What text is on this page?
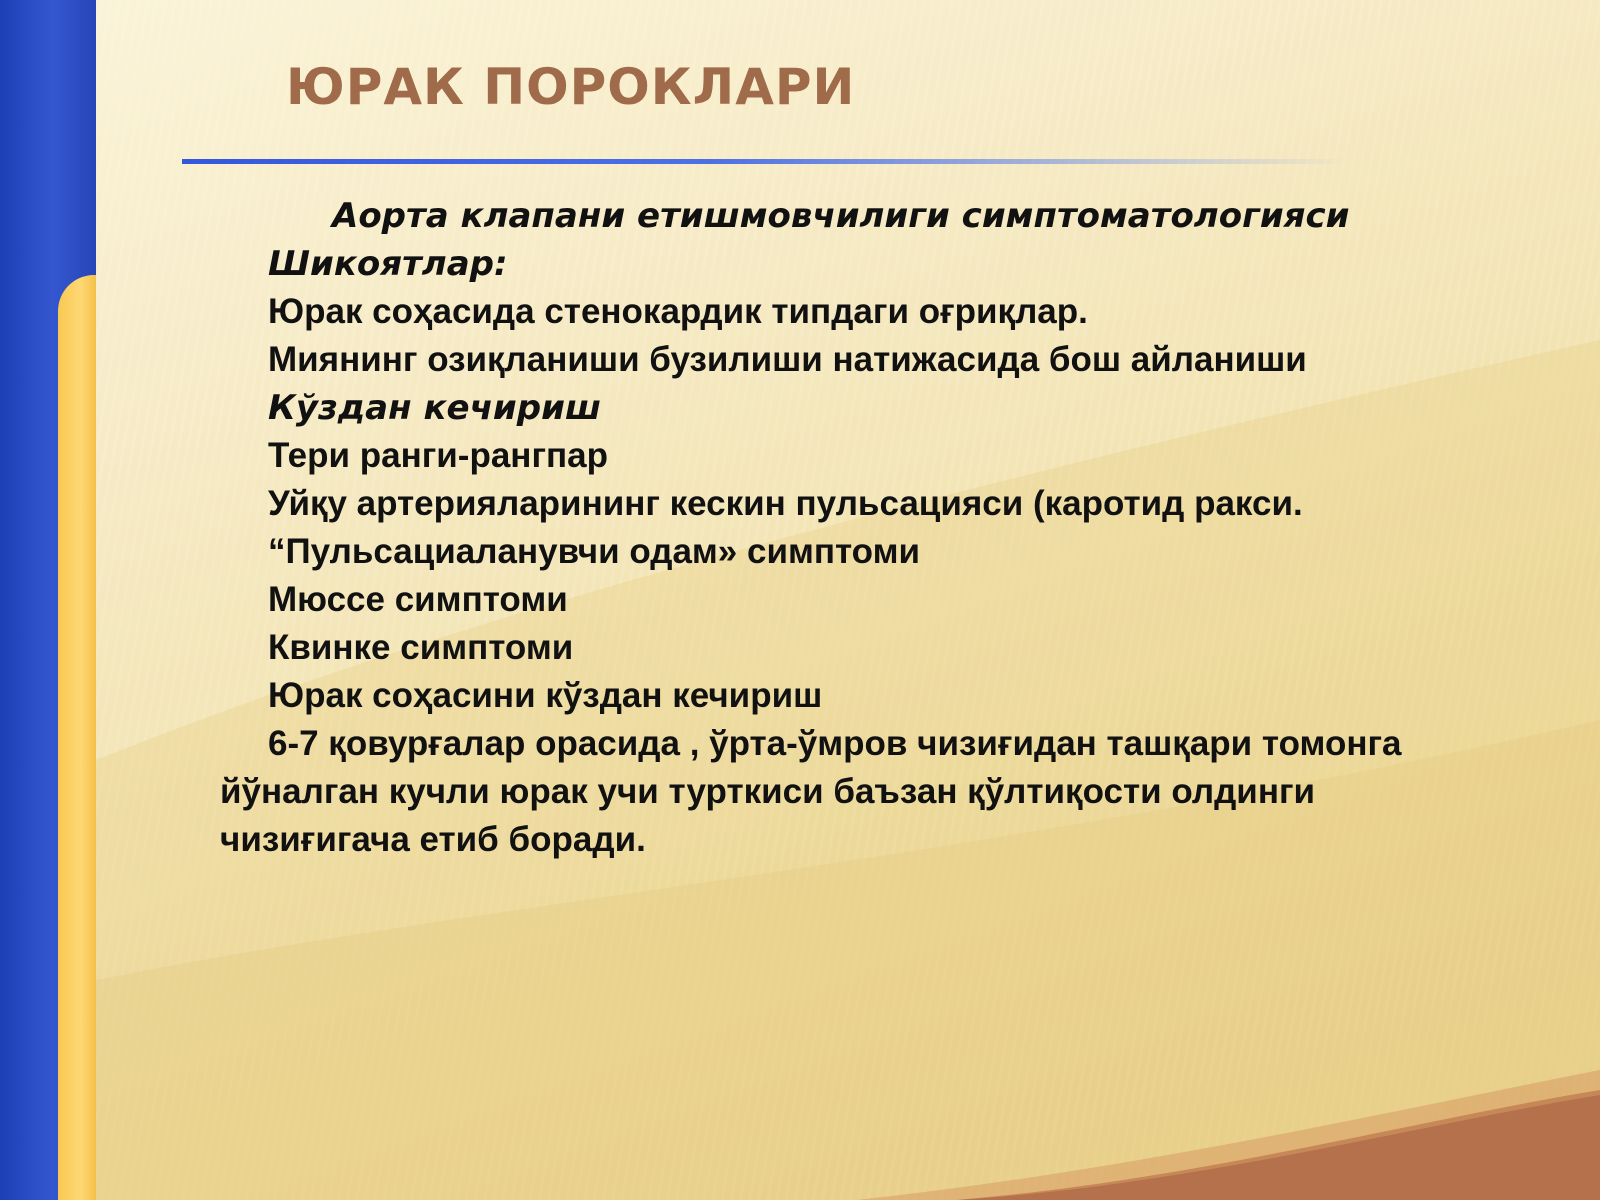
ЮРАК ПОРОКЛАРИ
Аорта клапани етишмовчилиги симптоматологияси
Шикоятлар:
Юрак соҳасида стенокардик типдаги оғриқлар.
Миянинг озиқланиши бузилиши натижасида бош айланиши
Кўздан кечириш
Тери ранги-рангпар
Уйқу артерияларининг кескин пульсацияси (каротид ракси.
“Пульсациаланувчи одам» симптоми
Мюссе симптоми
Квинке симптоми
Юрак соҳасини кўздан кечириш
6-7 қовурғалар орасида , ўрта-ўмров чизиғидан ташқари томонга йўналган кучли юрак учи турткиси баъзан қўлтиқости олдинги чизиғигача етиб боради.
